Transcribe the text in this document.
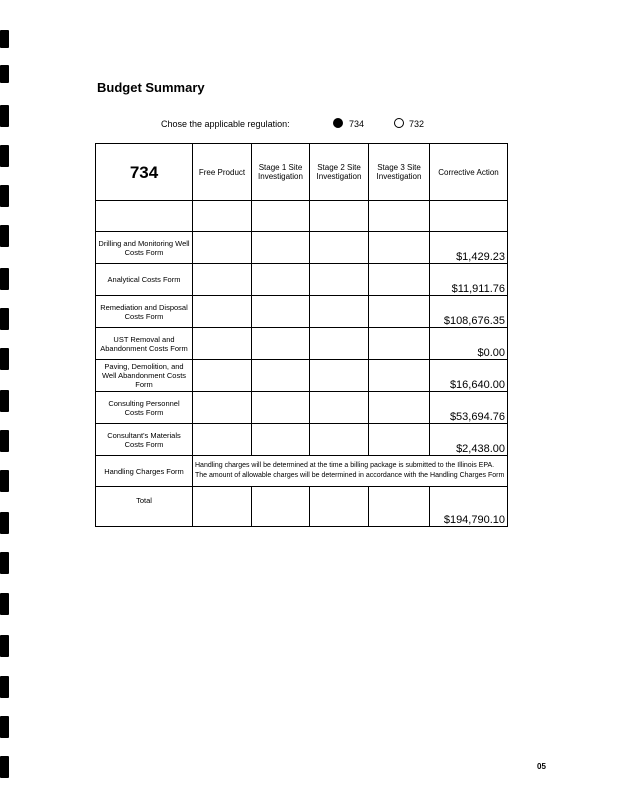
Budget Summary
Chose the applicable regulation:	734	732
734	Free Product	Stage 1 Site Investigation	Stage 2 Site Investigation	Stage 3 Site Investigation	Corrective Action

Drilling and Monitoring Well Costs Form					$1,429.23
Analytical Costs Form					$11,911.76
Remediation and Disposal Costs Form					$108,676.35
UST Removal and Abandonment Costs Form					$0.00
Paving, Demolition, and Well Abandonment Costs Form					$16,640.00
Consulting Personnel Costs Form					$53,694.76
Consultant's Materials Costs Form					$2,438.00
Handling Charges Form	Handling charges will be determined at the time a billing package is submitted to the Illinois EPA. The amount of allowable charges will be determined in accordance with the Handling Charges Form				
Total					$194,790.10
05
